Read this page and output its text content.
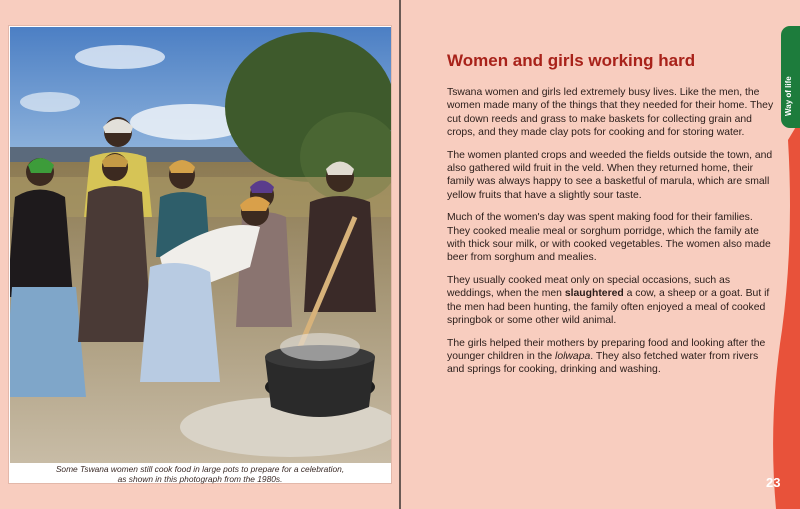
Some Tswana women still cook food in large pots to prepare for a celebration,
as shown in this photograph from the 1980s.
Women and girls working hard

Tswana women and girls led extremely busy lives. Like the men, the women made many of the things that they needed for their home. They cut down reeds and grass to make baskets for collecting grain and crops, and they made clay pots for cooking and for storing water.

The women planted crops and weeded the fields outside the town, and also gathered wild fruit in the veld. When they returned home, their family was always happy to see a basketful of marula, which are small yellow fruits that have a slightly sour taste.

Much of the women's day was spent making food for their families. They cooked mealie meal or sorghum porridge, which the family ate with thick sour milk, or with cooked vegetables. The women also made beer from sorghum and mealies.

They usually cooked meat only on special occasions, such as weddings, when the men slaughtered a cow, a sheep or a goat. But if the men had been hunting, the family often enjoyed a meal of cooked springbok or some other wild animal.

The girls helped their mothers by preparing food and looking after the younger children in the lolwapa. They also fetched water from rivers and springs for cooking, drinking and washing.

Way of life
23
